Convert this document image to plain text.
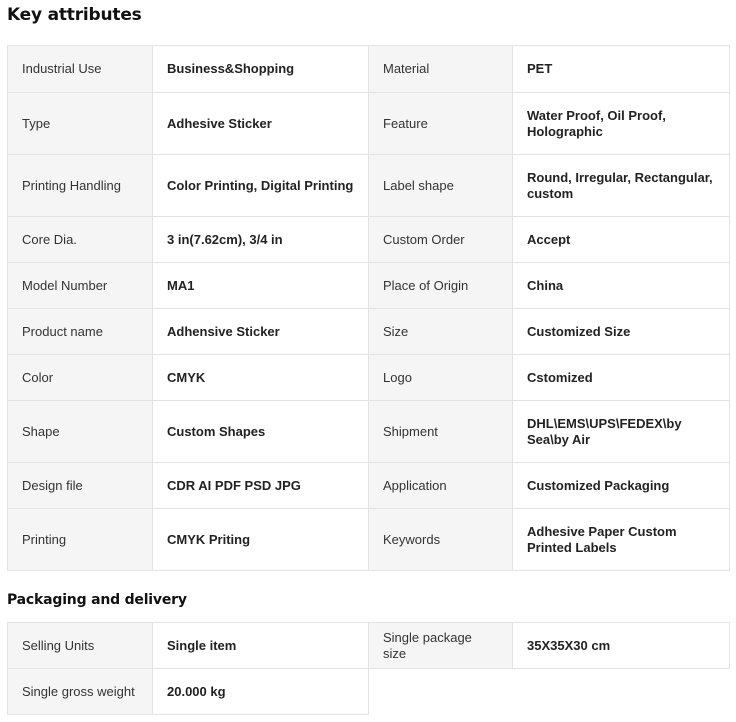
Key attributes
Industrial Use	Business&Shopping	Material	PET
Type	Adhesive Sticker	Feature	Water Proof, Oil Proof, Holographic
Printing Handling	Color Printing, Digital Printing	Label shape	Round, Irregular, Rectangular, custom
Core Dia.	3 in(7.62cm), 3/4 in	Custom Order	Accept
Model Number	MA1	Place of Origin	China
Product name	Adhensive Sticker	Size	Customized Size
Color	CMYK	Logo	Cstomized
Shape	Custom Shapes	Shipment	DHL\EMS\UPS\FEDEX\by Sea\by Air
Design file	CDR AI PDF PSD JPG	Application	Customized Packaging
Printing	CMYK Priting	Keywords	Adhesive Paper Custom Printed Labels
Packaging and delivery
Selling Units	Single item	Single package size	35X35X30 cm
Single gross weight	20.000 kg		
